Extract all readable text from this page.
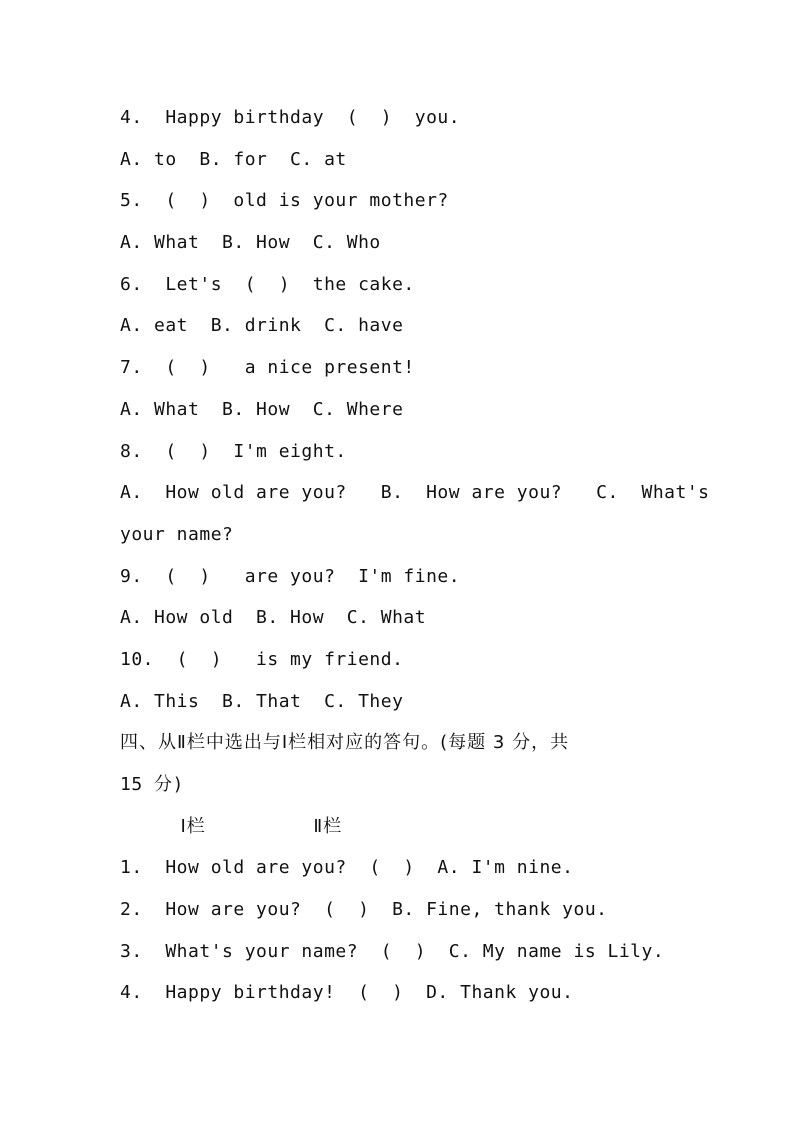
4.  Happy birthday  (  )  you.
A. to  B. for  C. at
5.  (  )  old is your mother?
A. What  B. How  C. Who
6.  Let's  (  )  the cake.
A. eat  B. drink  C. have
7.  (  )   a nice present!
A. What  B. How  C. Where
8.  (  )  I'm eight.
A.  How old are you?   B.  How are you?   C.  What's
your name?
9.  (  )   are you?  I'm fine.
A. How old  B. How  C. What
10.  (  )   is my friend.
A. This  B. That  C. They
四、从Ⅱ栏中选出与Ⅰ栏相对应的答句。(每题 3 分，共
15 分)
Ⅰ栏                Ⅱ栏
1.  How old are you?  (  )  A. I'm nine.
2.  How are you?  (  )  B. Fine, thank you.
3.  What's your name?  (  )  C. My name is Lily.
4.  Happy birthday!  (  )  D. Thank you.
